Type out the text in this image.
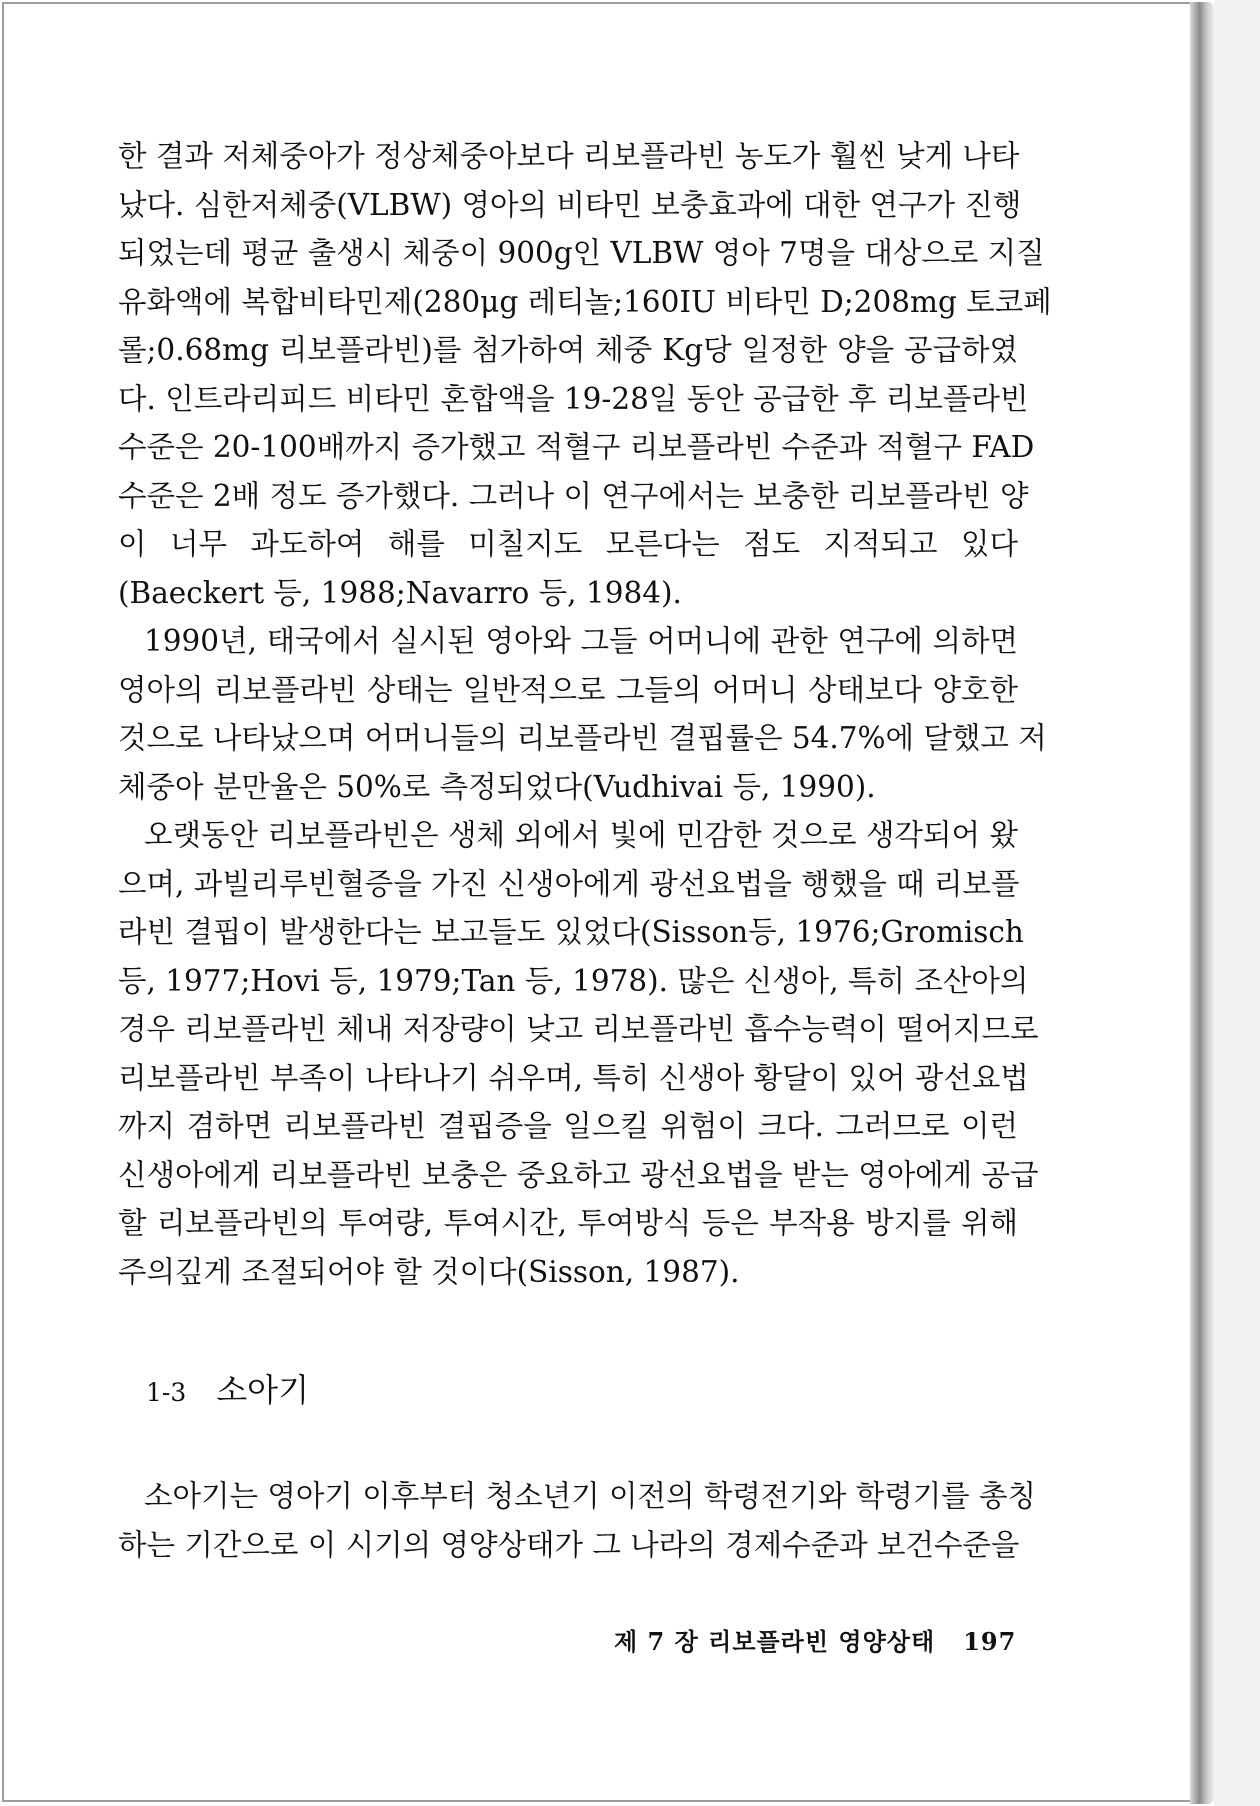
한 결과 저체중아가 정상체중아보다 리보플라빈 농도가 훨씬 낮게 나타
났다. 심한저체중(VLBW) 영아의 비타민 보충효과에 대한 연구가 진행
되었는데 평균 출생시 체중이 900g인 VLBW 영아 7명을 대상으로 지질
유화액에 복합비타민제(280μg 레티놀;160IU 비타민 D;208mg 토코페
롤;0.68mg 리보플라빈)를 첨가하여 체중 Kg당 일정한 양을 공급하였
다. 인트라리피드 비타민 혼합액을 19-28일 동안 공급한 후 리보플라빈
수준은 20-100배까지 증가했고 적혈구 리보플라빈 수준과 적혈구 FAD
수준은 2배 정도 증가했다. 그러나 이 연구에서는 보충한 리보플라빈 양
이 너무 과도하여 해를 미칠지도 모른다는 점도 지적되고 있다
(Baeckert 등, 1988;Navarro 등, 1984).
1990년, 태국에서 실시된 영아와 그들 어머니에 관한 연구에 의하면
영아의 리보플라빈 상태는 일반적으로 그들의 어머니 상태보다 양호한
것으로 나타났으며 어머니들의 리보플라빈 결핍률은 54.7%에 달했고 저
체중아 분만율은 50%로 측정되었다(Vudhivai 등, 1990).
오랫동안 리보플라빈은 생체 외에서 빛에 민감한 것으로 생각되어 왔
으며, 과빌리루빈혈증을 가진 신생아에게 광선요법을 행했을 때 리보플
라빈 결핍이 발생한다는 보고들도 있었다(Sisson등, 1976;Gromisch
등, 1977;Hovi 등, 1979;Tan 등, 1978). 많은 신생아, 특히 조산아의
경우 리보플라빈 체내 저장량이 낮고 리보플라빈 흡수능력이 떨어지므로
리보플라빈 부족이 나타나기 쉬우며, 특히 신생아 황달이 있어 광선요법
까지 겸하면 리보플라빈 결핍증을 일으킬 위험이 크다. 그러므로 이런
신생아에게 리보플라빈 보충은 중요하고 광선요법을 받는 영아에게 공급
할 리보플라빈의 투여량, 투여시간, 투여방식 등은 부작용 방지를 위해
주의깊게 조절되어야 할 것이다(Sisson, 1987).
소아기는 영아기 이후부터 청소년기 이전의 학령전기와 학령기를 총칭
하는 기간으로 이 시기의 영양상태가 그 나라의 경제수준과 보건수준을
1-3 소아기
제 7 장 리보플라빈 영양상태 197
